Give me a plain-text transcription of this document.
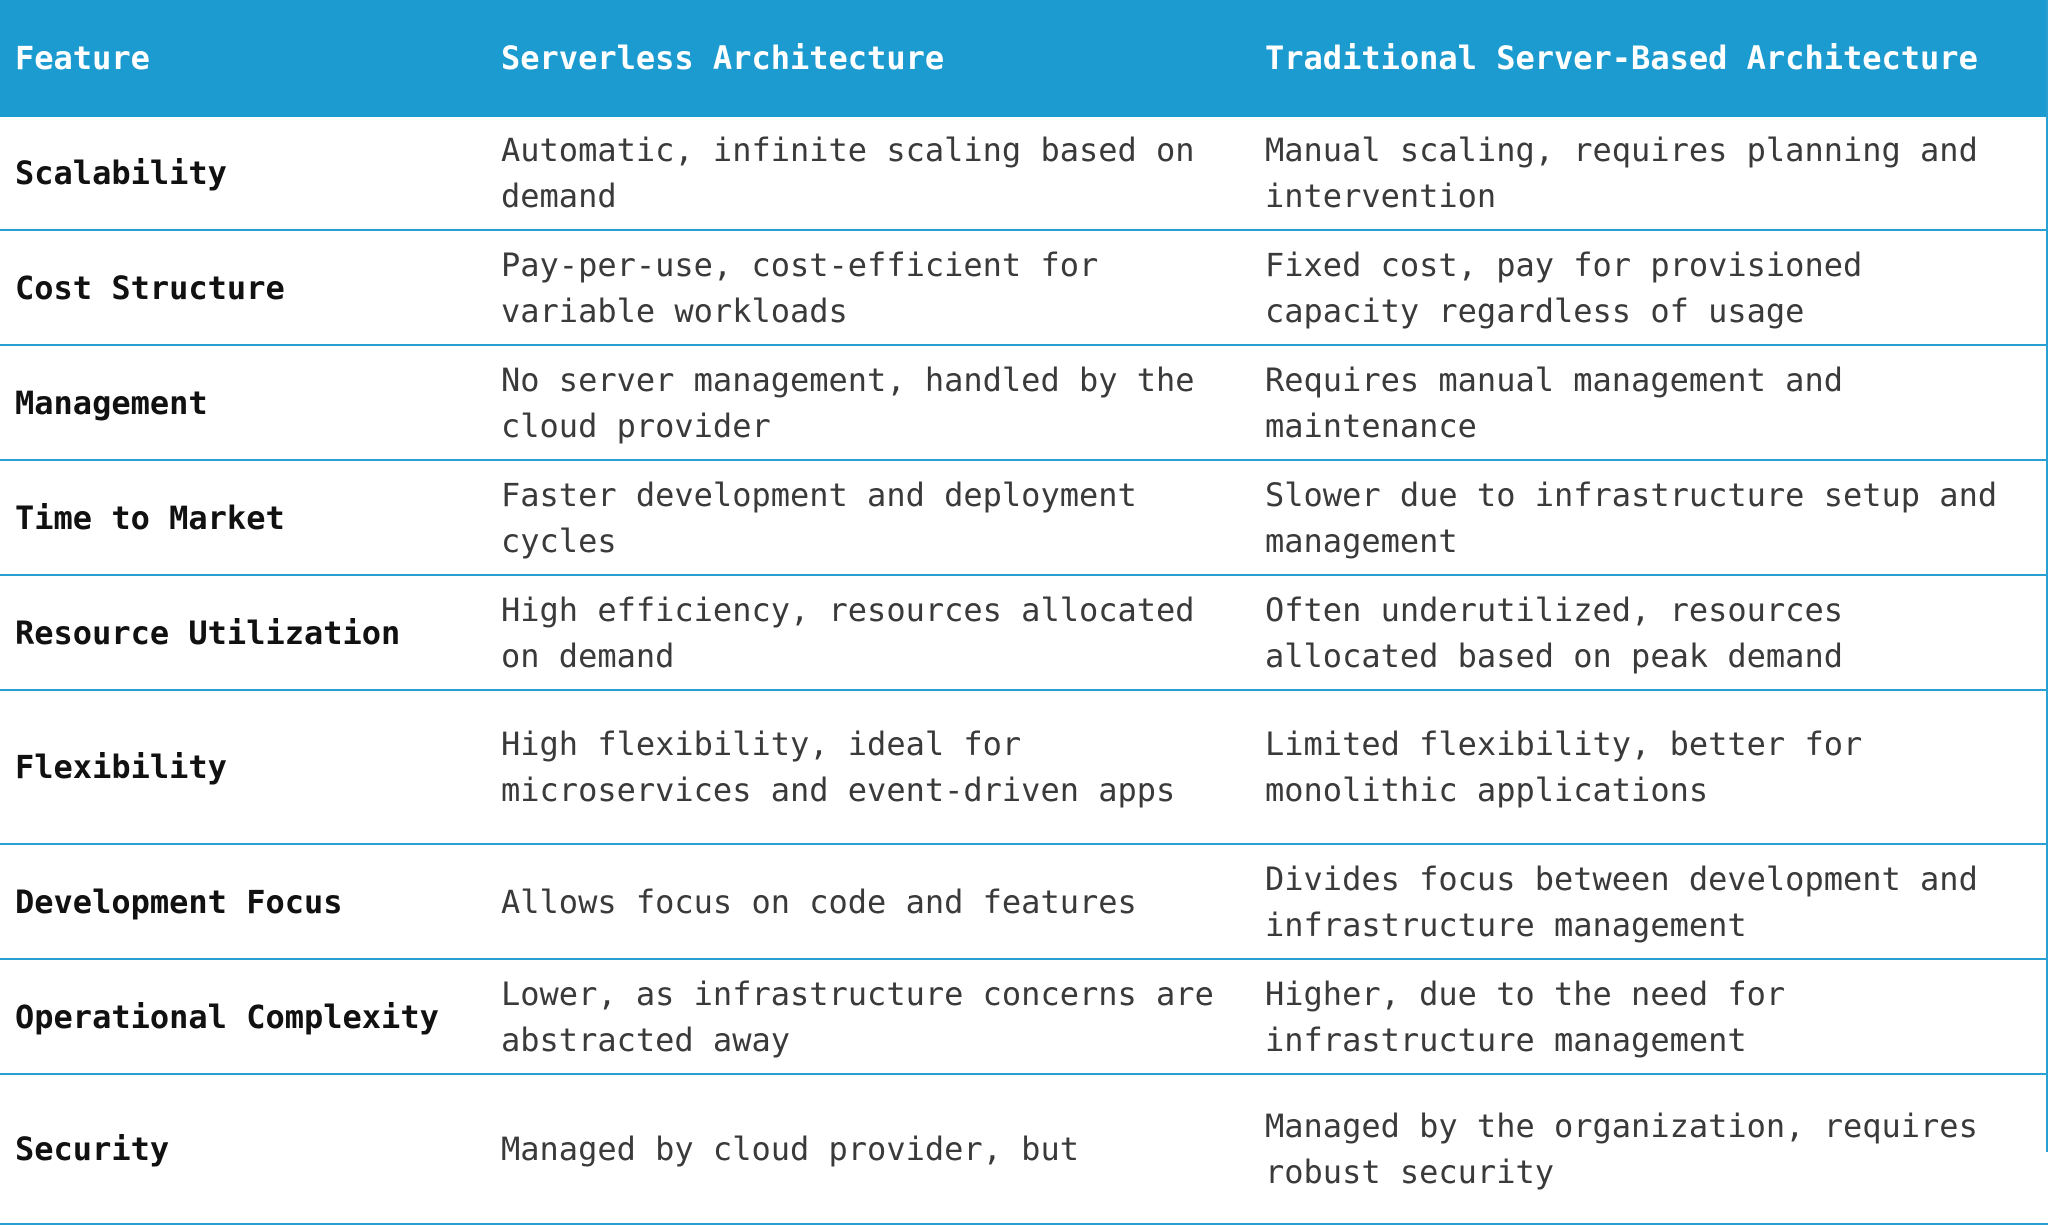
Feature	Serverless Architecture	Traditional Server-Based Architecture
Scalability	Automatic, infinite scaling based on demand	Manual scaling, requires planning and intervention
Cost Structure	Pay-per-use, cost-efficient for variable workloads	Fixed cost, pay for provisioned capacity regardless of usage
Management	No server management, handled by the cloud provider	Requires manual management and maintenance
Time to Market	Faster development and deployment cycles	Slower due to infrastructure setup and management
Resource Utilization	High efficiency, resources allocated on demand	Often underutilized, resources allocated based on peak demand
Flexibility	High flexibility, ideal for microservices and event-driven apps	Limited flexibility, better for monolithic applications
Development Focus	Allows focus on code and features	Divides focus between development and infrastructure management
Operational Complexity	Lower, as infrastructure concerns are abstracted away	Higher, due to the need for infrastructure management
Security	Managed by cloud provider, but	Managed by the organization, requires robust security
